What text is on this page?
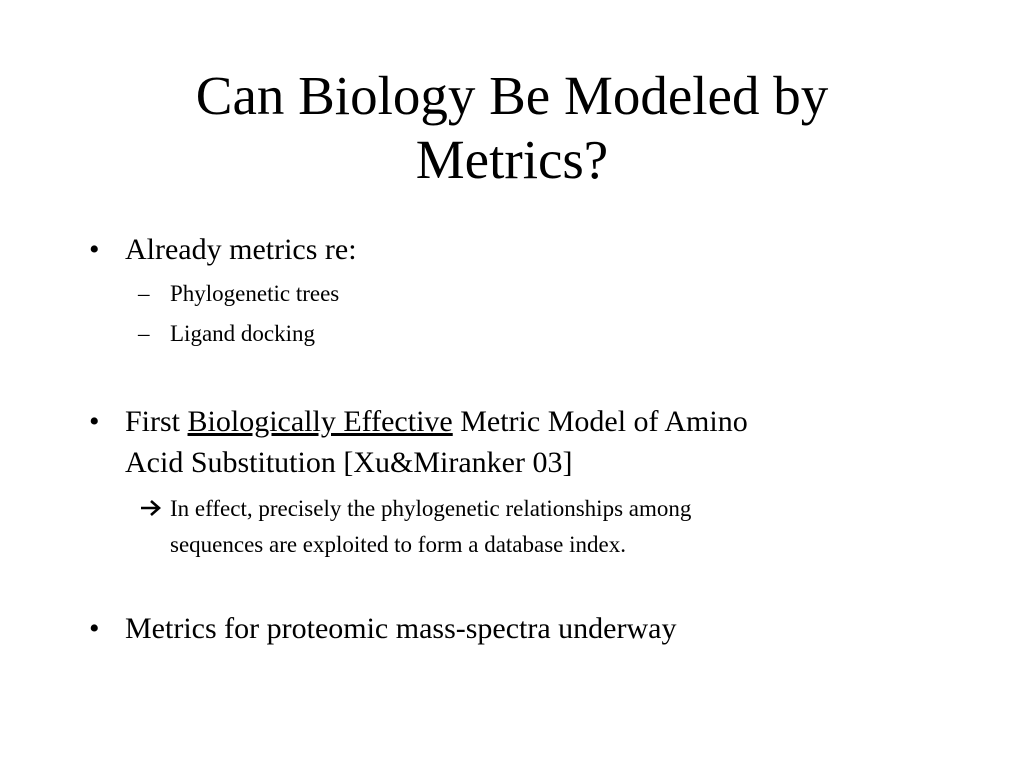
Can Biology Be Modeled by
Metrics?
• Already metrics re:
– Phylogenetic trees
– Ligand docking
• First Biologically Effective Metric Model of Amino
Acid Substitution [Xu&Miranker 03]
In effect, precisely the phylogenetic relationships among
sequences are exploited to form a database index.
• Metrics for proteomic mass-spectra underway
